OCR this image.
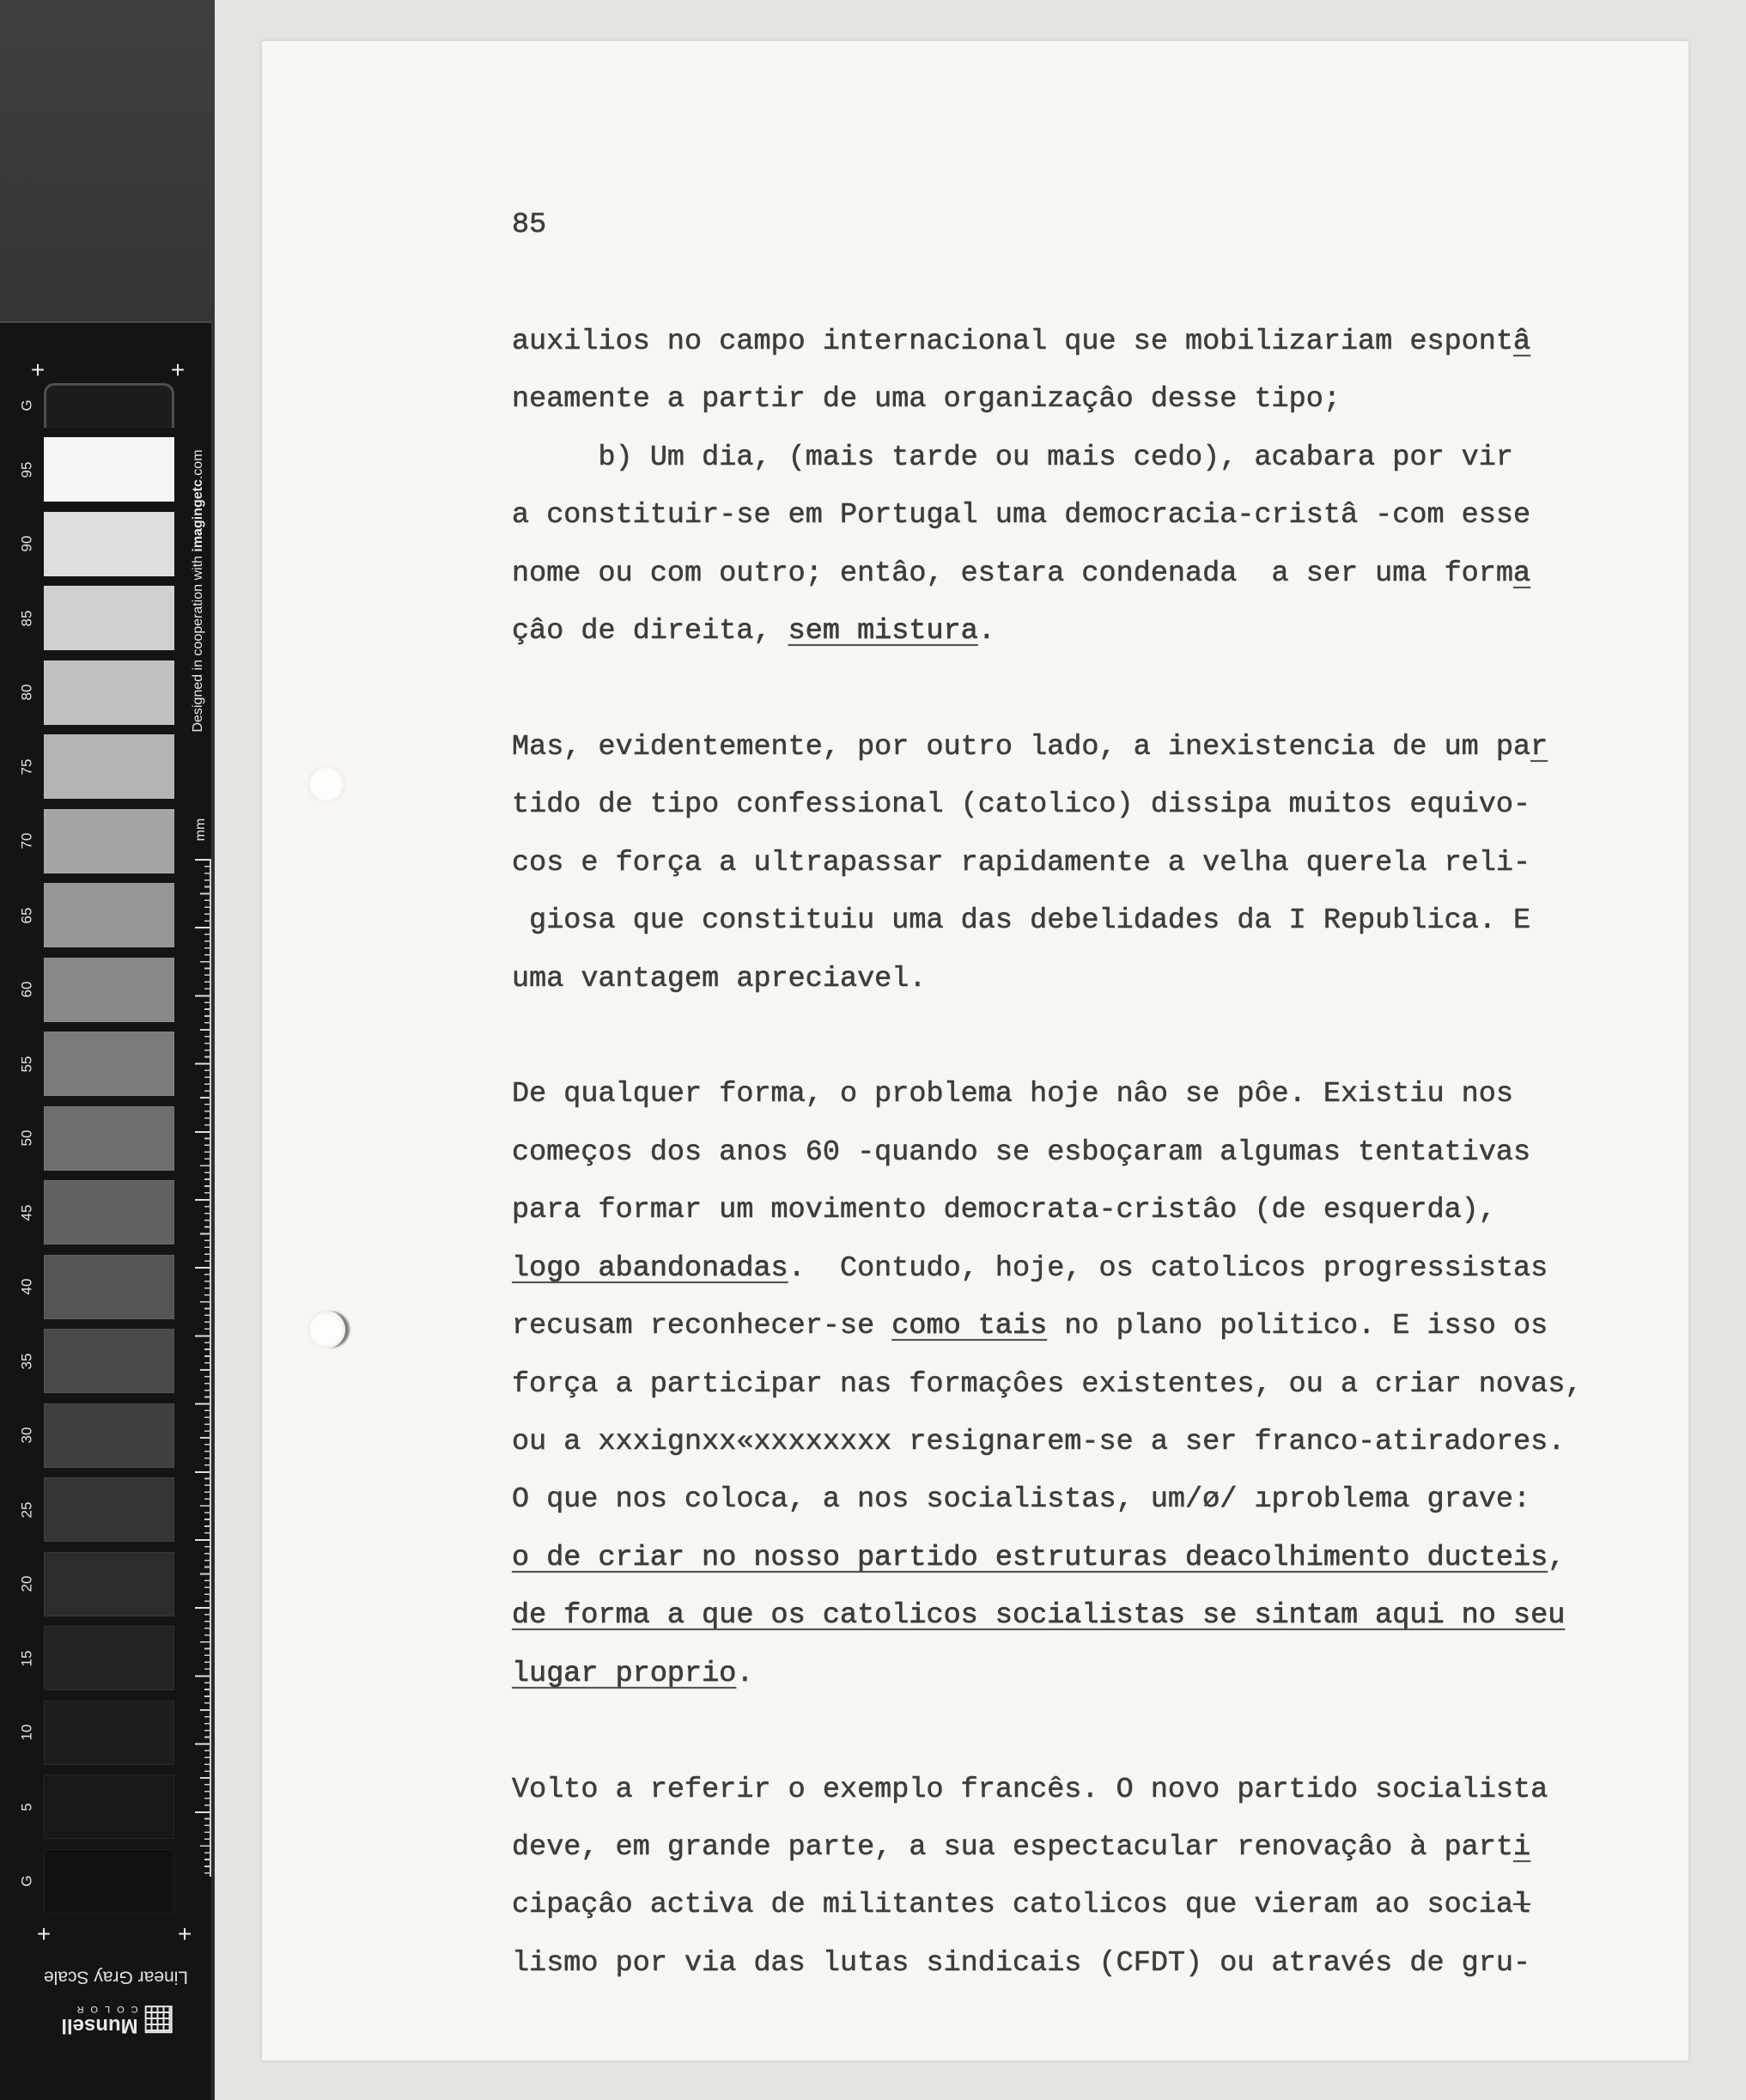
+	+
+	+
Designed in cooperation with imagingetc.com
mm
Linear Gray Scale
Munsell
COLOR
G
95
90
85
80
75
70
65
60
55
50
45
40
35
30
25
20
15
10
5
G
85
auxilios no campo internacional que se mobilizariam espontâ
neamente a partir de uma organizaçâo desse tipo;
b) Um dia, (mais tarde ou mais cedo), acabara por vir
a constituir-se em Portugal uma democracia-cristâ -com esse
nome ou com outro; entâo, estara condenada  a ser uma forma
çâo de direita, sem mistura.
Mas, evidentemente, por outro lado, a inexistencia de um par
tido de tipo confessional (catolico) dissipa muitos equivo-
cos e força a ultrapassar rapidamente a velha querela reli-
giosa que constituiu uma das debelidades da I Republica. E
uma vantagem apreciavel.
De qualquer forma, o problema hoje nâo se pôe. Existiu nos
começos dos anos 60 -quando se esboçaram algumas tentativas
para formar um movimento democrata-cristâo (de esquerda),
logo abandonadas.  Contudo, hoje, os catolicos progressistas
recusam reconhecer-se como tais no plano politico. E isso os
força a participar nas formaçôes existentes, ou a criar novas,
ou a xxxignxx«xxxxxxxx resignarem-se a ser franco-atiradores.
O que nos coloca, a nos socialistas, um/ø/ ıproblema grave:
o de criar no nosso partido estruturas deacolhimento ducteis,
de forma a que os catolicos socialistas se sintam aqui no seu
lugar proprio.
Volto a referir o exemplo francês. O novo partido socialista
deve, em grande parte, a sua espectacular renovaçâo à parti
cipaçâo activa de militantes catolicos que vieram ao social
lismo por via das lutas sindicais (CFDT) ou através de gru-
